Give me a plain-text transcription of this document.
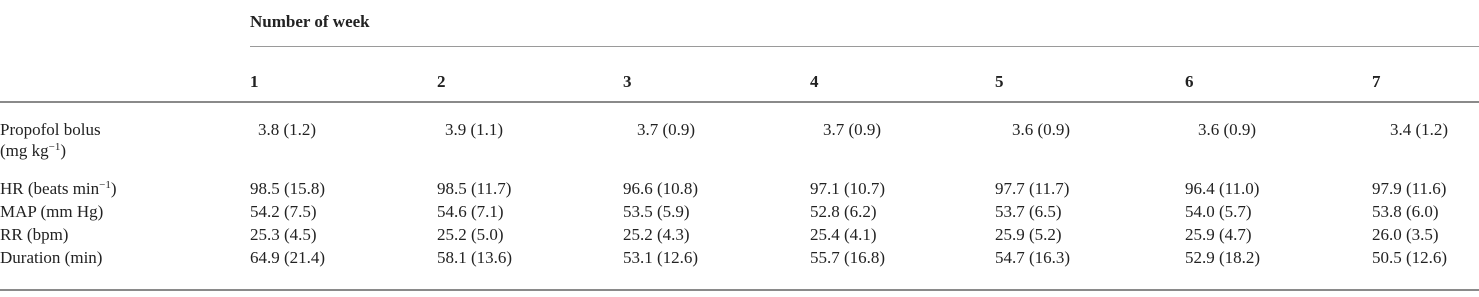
Number of week
1	2	3	4	5	6	7
Propofol bolus
(mg $kg^{-1}$)
3.8 (1.2)	3.9 (1.1)	3.7 (0.9)	3.7 (0.9)	3.6 (0.9)	3.6 (0.9)	3.4 (1.2)
HR (beats $\min^{-1}$)	98.5 (15.8)	98.5 (11.7)	96.6 (10.8)	97.1 (10.7)	97.7 (11.7)	96.4 (11.0)	97.9 (11.6)
MAP (mm Hg)	54.2 (7.5)	54.6 (7.1)	53.5 (5.9)	52.8 (6.2)	53.7 (6.5)	54.0 (5.7)	53.8 (6.0)
RR (bpm)	25.3 (4.5)	25.2 (5.0)	25.2 (4.3)	25.4 (4.1)	25.9 (5.2)	25.9 (4.7)	26.0 (3.5)
Duration (min)	64.9 (21.4)	58.1 (13.6)	53.1 (12.6)	55.7 (16.8)	54.7 (16.3)	52.9 (18.2)	50.5 (12.6)
